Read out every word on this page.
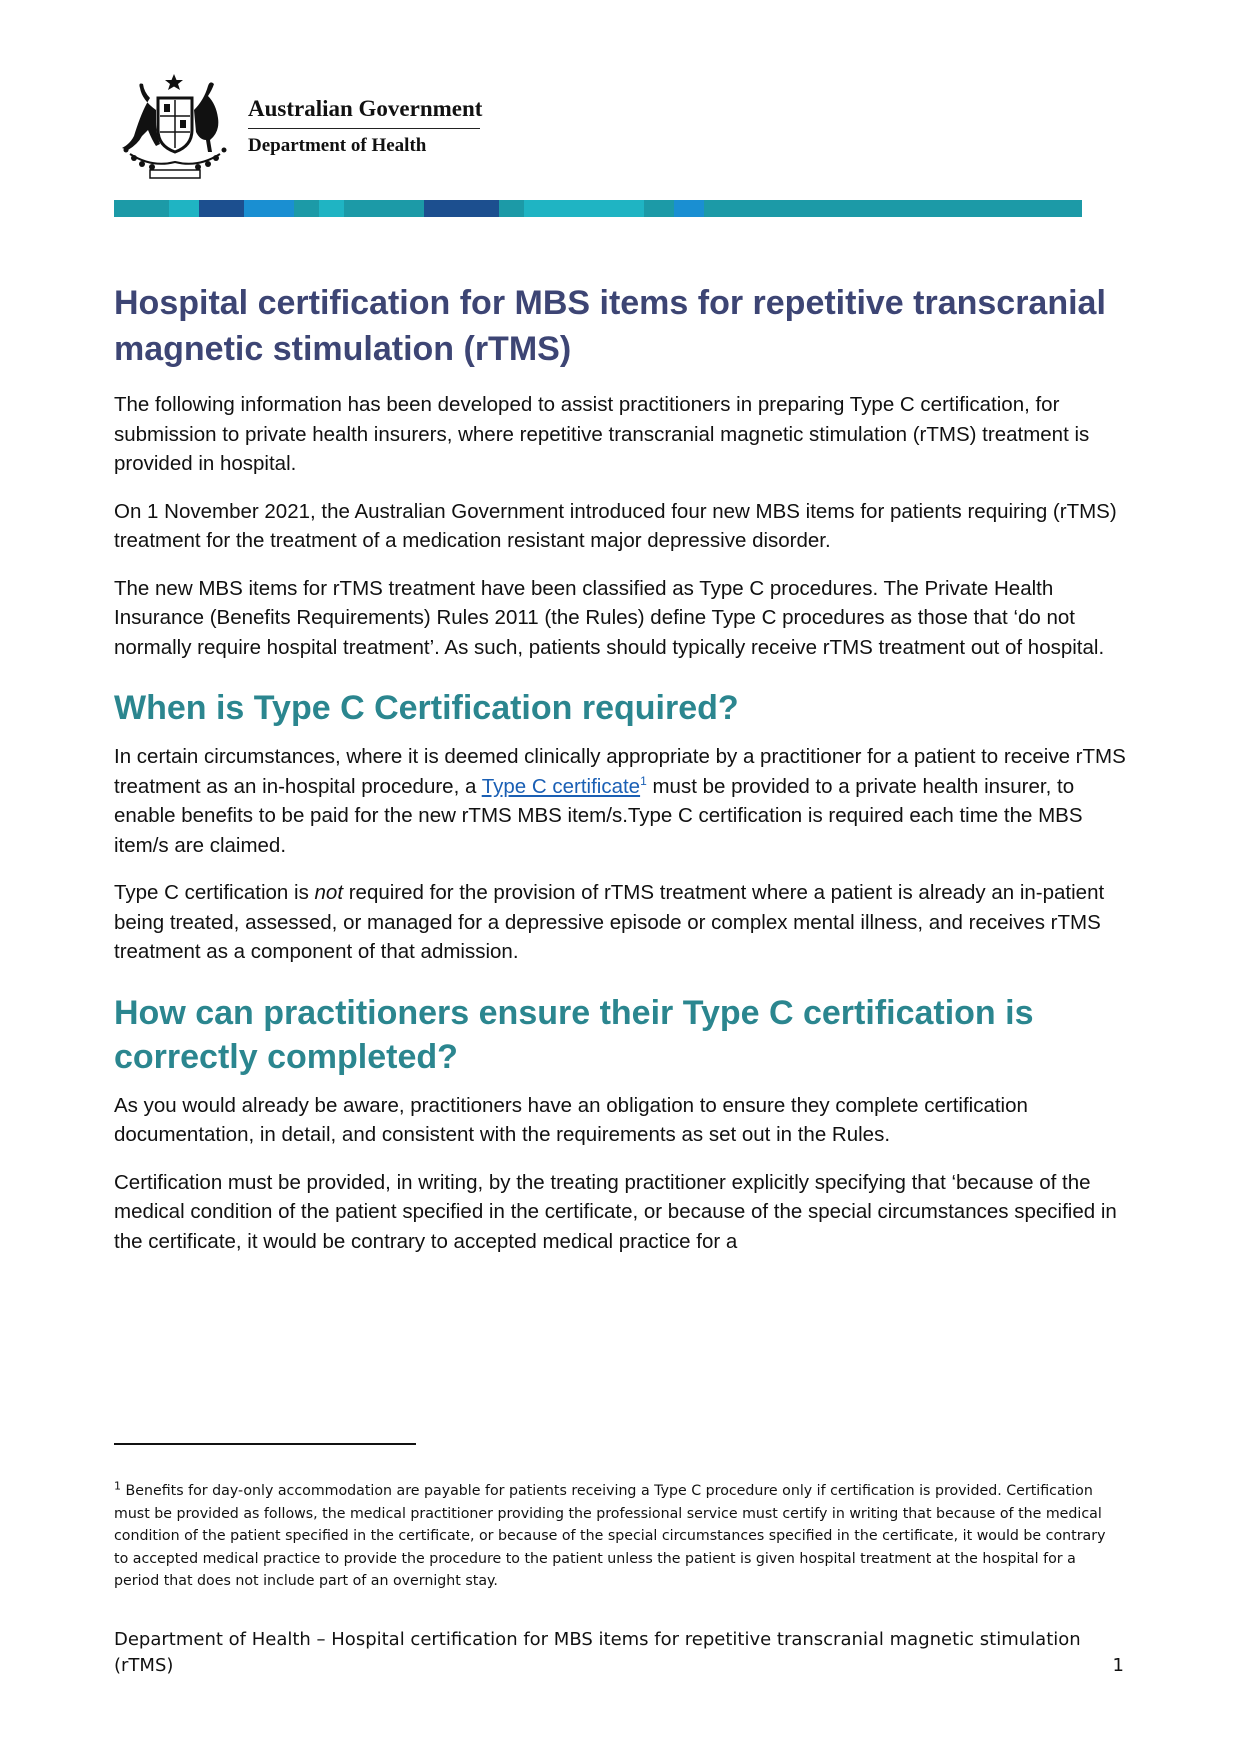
Australian Government
Department of Health
Hospital certification for MBS items for repetitive transcranial magnetic stimulation (rTMS)

The following information has been developed to assist practitioners in preparing Type C certification, for submission to private health insurers, where repetitive transcranial magnetic stimulation (rTMS) treatment is provided in hospital.

On 1 November 2021, the Australian Government introduced four new MBS items for patients requiring (rTMS) treatment for the treatment of a medication resistant major depressive disorder.

The new MBS items for rTMS treatment have been classified as Type C procedures. The Private Health Insurance (Benefits Requirements) Rules 2011 (the Rules) define Type C procedures as those that ‘do not normally require hospital treatment’. As such, patients should typically receive rTMS treatment out of hospital.

When is Type C Certification required?

In certain circumstances, where it is deemed clinically appropriate by a practitioner for a patient to receive rTMS treatment as an in-hospital procedure, a Type C certificate$^1$ must be provided to a private health insurer, to enable benefits to be paid for the new rTMS MBS item/s.Type C certification is required each time the MBS item/s are claimed.

Type C certification is not required for the provision of rTMS treatment where a patient is already an in-patient being treated, assessed, or managed for a depressive episode or complex mental illness, and receives rTMS treatment as a component of that admission.

How can practitioners ensure their Type C certification is correctly completed?

As you would already be aware, practitioners have an obligation to ensure they complete certification documentation, in detail, and consistent with the requirements as set out in the Rules.

Certification must be provided, in writing, by the treating practitioner explicitly specifying that ‘because of the medical condition of the patient specified in the certificate, or because of the special circumstances specified in the certificate, it would be contrary to accepted medical practice for a

$^1$ Benefits for day-only accommodation are payable for patients receiving a Type C procedure only if certification is provided. Certification must be provided as follows, the medical practitioner providing the professional service must certify in writing that because of the medical condition of the patient specified in the certificate, or because of the special circumstances specified in the certificate, it would be contrary to accepted medical practice to provide the procedure to the patient unless the patient is given hospital treatment at the hospital for a period that does not include part of an overnight stay.
Department of Health – Hospital certification for MBS items for repetitive transcranial magnetic stimulation (rTMS)	1
